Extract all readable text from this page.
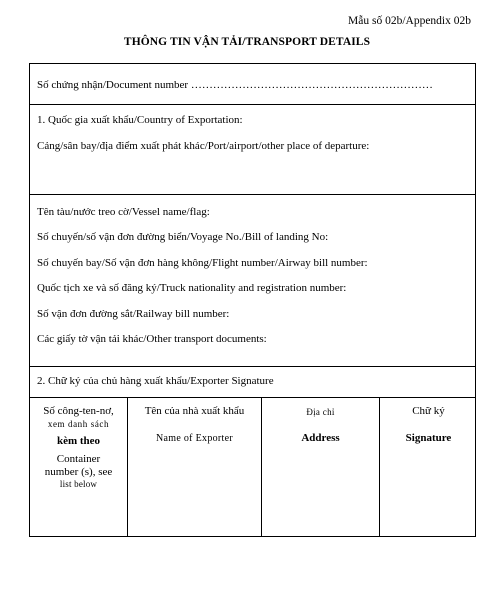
Mẫu số 02b/Appendix 02b
THÔNG TIN VẬN TẢI/TRANSPORT DETAILS
Số chứng nhận/Document number …………………………………………………………
1. Quốc gia xuất khẩu/Country of Exportation:
Cảng/sân bay/địa điểm xuất phát khác/Port/airport/other place of departure:
Tên tàu/nước treo cờ/Vessel name/flag:
Số chuyến/số vận đơn đường biển/Voyage No./Bill of landing No:
Số chuyến bay/Số vận đơn hàng không/Flight number/Airway bill number:
Quốc tịch xe và số đăng ký/Truck nationality and registration number:
Số vận đơn đường sắt/Railway bill number:
Các giấy tờ vận tải khác/Other transport documents:
2. Chữ ký của chủ hàng xuất khẩu/Exporter Signature
Số công-ten-nơ,
xem danh sách
kèm theo
Container
number (s), see
list below
Tên của nhà xuất khẩu
Name of Exporter
Địa chỉ
Address
Chữ ký
Signature
